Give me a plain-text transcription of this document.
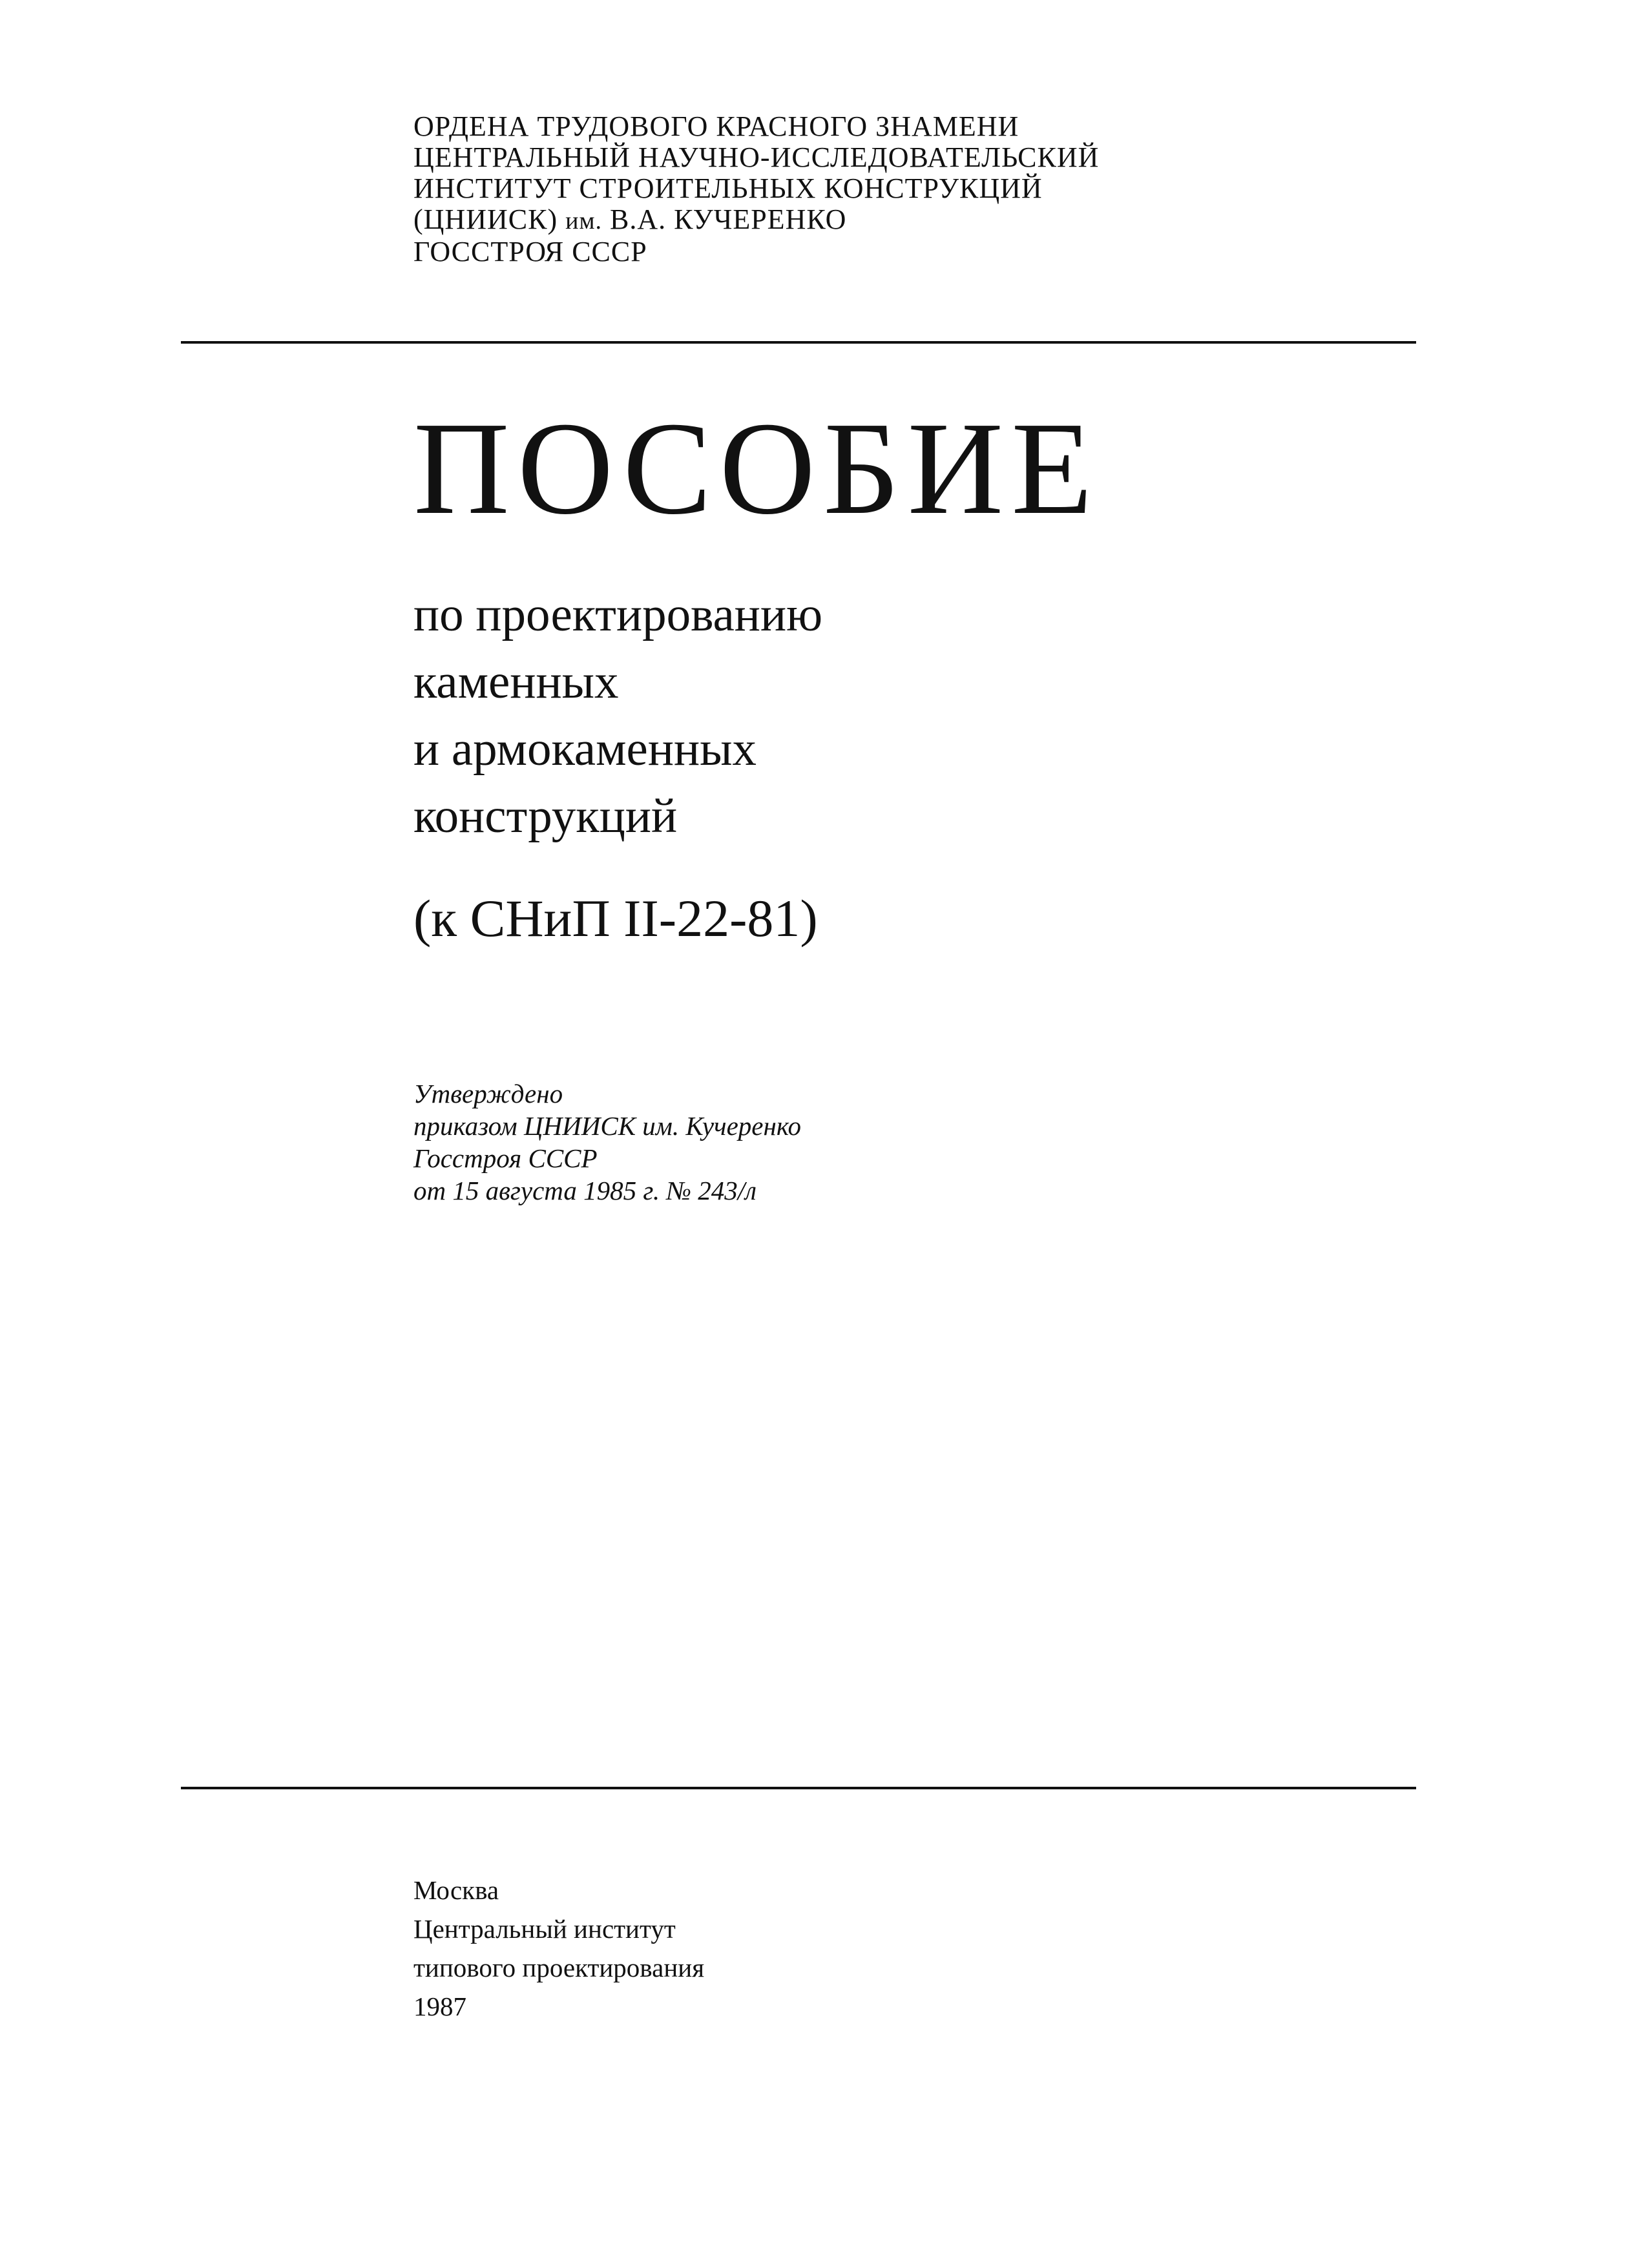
ОРДЕНА ТРУДОВОГО КРАСНОГО ЗНАМЕНИ
ЦЕНТРАЛЬНЫЙ НАУЧНО-ИССЛЕДОВАТЕЛЬСКИЙ
ИНСТИТУТ СТРОИТЕЛЬНЫХ КОНСТРУКЦИЙ
(ЦНИИСК) им. В.А. КУЧЕРЕНКО
ГОССТРОЯ СССР
ПОСОБИЕ
по проектированию
каменных
и армокаменных
конструкций
(к СНиП II-22-81)
Утверждено
приказом ЦНИИСК им. Кучеренко
Госстроя СССР
от 15 августа 1985 г. № 243/л
Москва
Центральный институт
типового проектирования
1987
